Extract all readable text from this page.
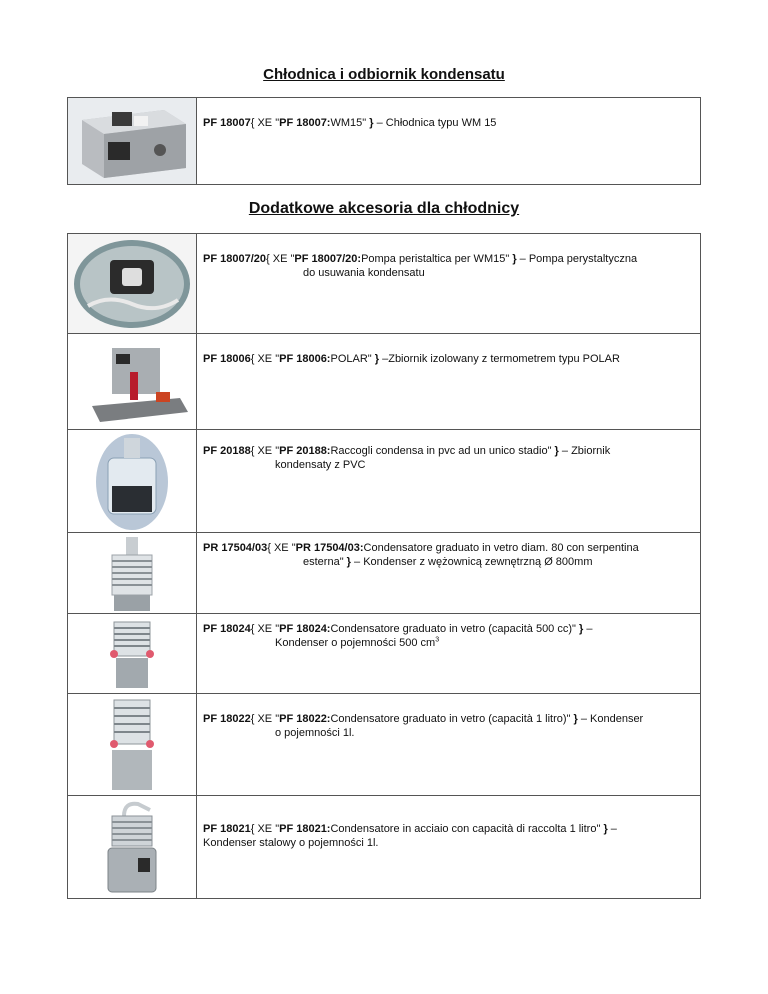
Chłodnica i odbiornik kondensatu

PF 18007{ XE "PF 18007:WM15" } – Chłodnica typu WM 15
Dodatkowe akcesoria dla chłodnicy

PF 18007/20{ XE "PF 18007/20:Pompa peristaltica per WM15" } – Pompa perystaltyczna
do usuwania kondensatu

PF 18006{ XE "PF 18006:POLAR" } –Zbiornik izolowany z termometrem typu POLAR

PF 20188{ XE "PF 20188:Raccogli condensa in pvc ad un unico stadio" } – Zbiornik
kondensaty z PVC

PR 17504/03{ XE "PR 17504/03:Condensatore graduato in vetro diam. 80 con serpentina
esterna" } – Kondenser z wężownicą zewnętrzną Ø 800mm

PF 18024{ XE "PF 18024:Condensatore graduato in vetro (capacità 500 cc)" } –
Kondenser o pojemności 500 $cm^3$

PF 18022{ XE "PF 18022:Condensatore graduato in vetro (capacità 1 litro)" } – Kondenser
o pojemności 1l.

PF 18021{ XE "PF 18021:Condensatore in acciaio con capacità di raccolta 1 litro" } –
Kondenser stalowy o pojemności 1l.
